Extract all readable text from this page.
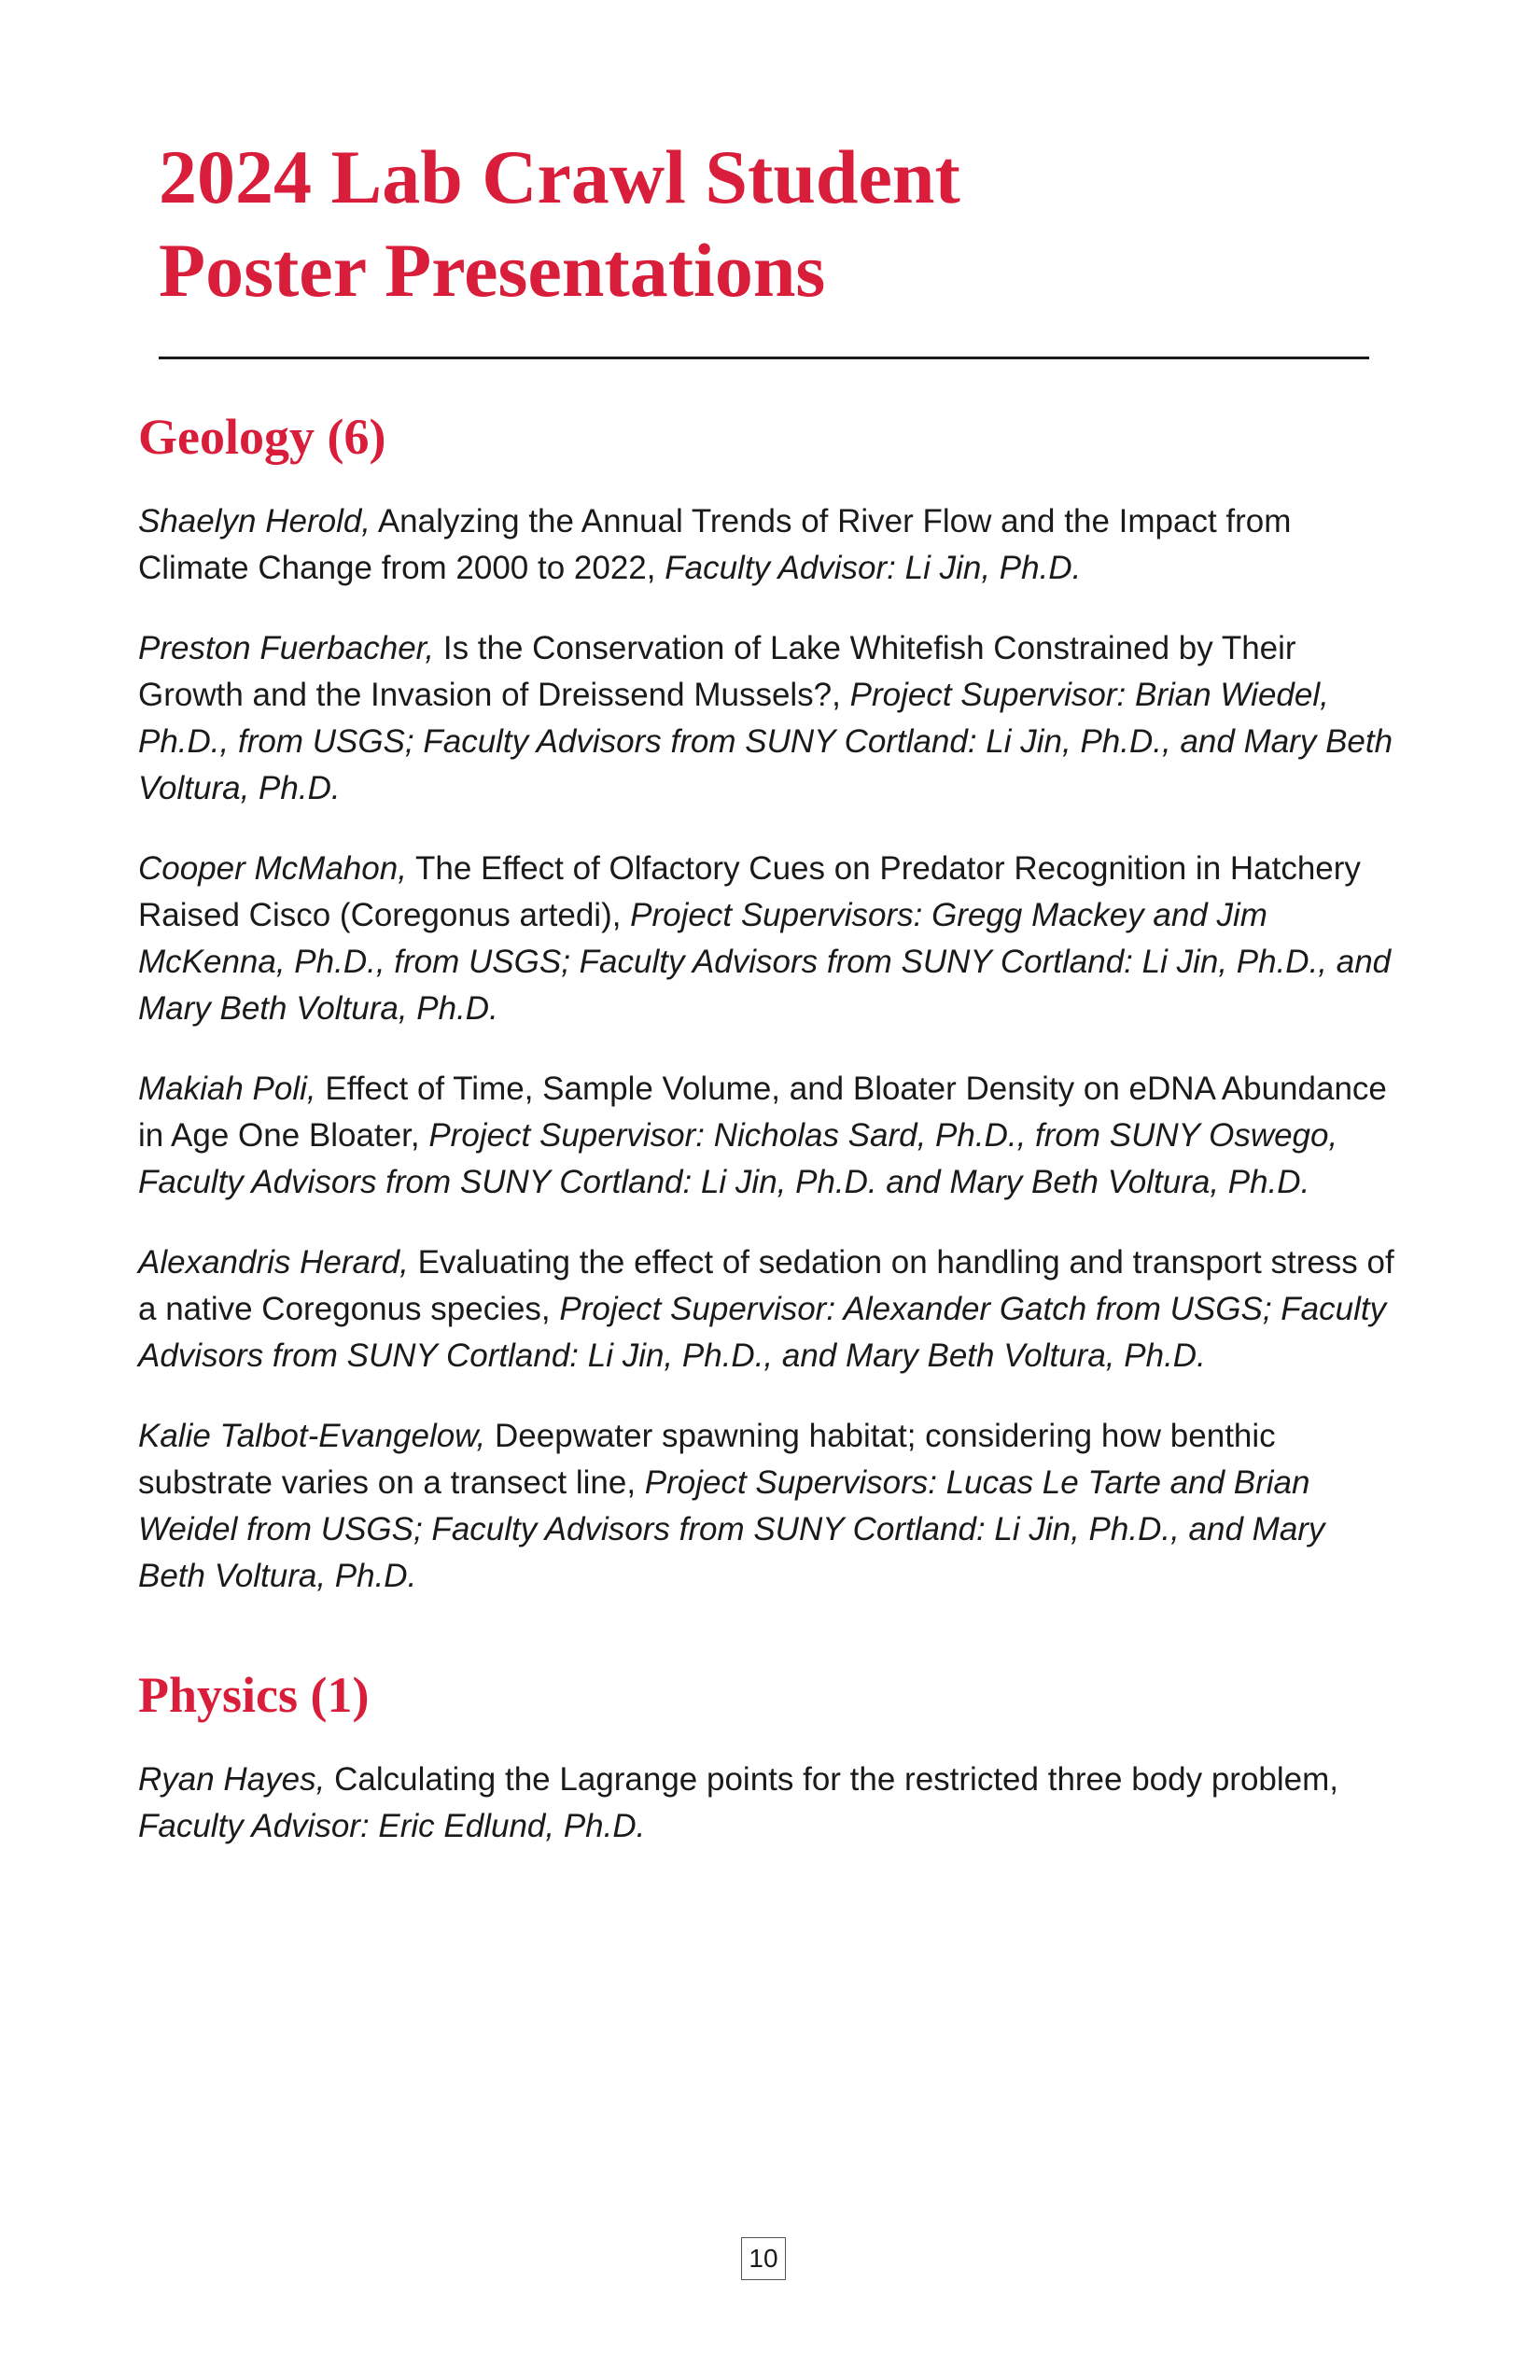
2024 Lab Crawl Student
Poster Presentations
Geology (6)

Shaelyn Herold, Analyzing the Annual Trends of River Flow and the Impact from Climate Change from 2000 to 2022, Faculty Advisor: Li Jin, Ph.D.

Preston Fuerbacher, Is the Conservation of Lake Whitefish Constrained by Their Growth and the Invasion of Dreissend Mussels?, Project Supervisor: Brian Wiedel, Ph.D., from USGS; Faculty Advisors from SUNY Cortland: Li Jin, Ph.D., and Mary Beth Voltura, Ph.D.

Cooper McMahon, The Effect of Olfactory Cues on Predator Recognition in Hatchery Raised Cisco (Coregonus artedi), Project Supervisors: Gregg Mackey and Jim McKenna, Ph.D., from USGS; Faculty Advisors from SUNY Cortland: Li Jin, Ph.D., and Mary Beth Voltura, Ph.D.

Makiah Poli, Effect of Time, Sample Volume, and Bloater Density on eDNA Abundance in Age One Bloater, Project Supervisor: Nicholas Sard, Ph.D., from SUNY Oswego, Faculty Advisors from SUNY Cortland: Li Jin, Ph.D. and Mary Beth Voltura, Ph.D.

Alexandris Herard, Evaluating the effect of sedation on handling and transport stress of a native Coregonus species, Project Supervisor: Alexander Gatch from USGS; Faculty Advisors from SUNY Cortland: Li Jin, Ph.D., and Mary Beth Voltura, Ph.D.

Kalie Talbot-Evangelow, Deepwater spawning habitat; considering how benthic substrate varies on a transect line, Project Supervisors: Lucas Le Tarte and Brian Weidel from USGS; Faculty Advisors from SUNY Cortland: Li Jin, Ph.D., and Mary Beth Voltura, Ph.D.

Physics (1)

Ryan Hayes, Calculating the Lagrange points for the restricted three body problem, Faculty Advisor: Eric Edlund, Ph.D.

10
